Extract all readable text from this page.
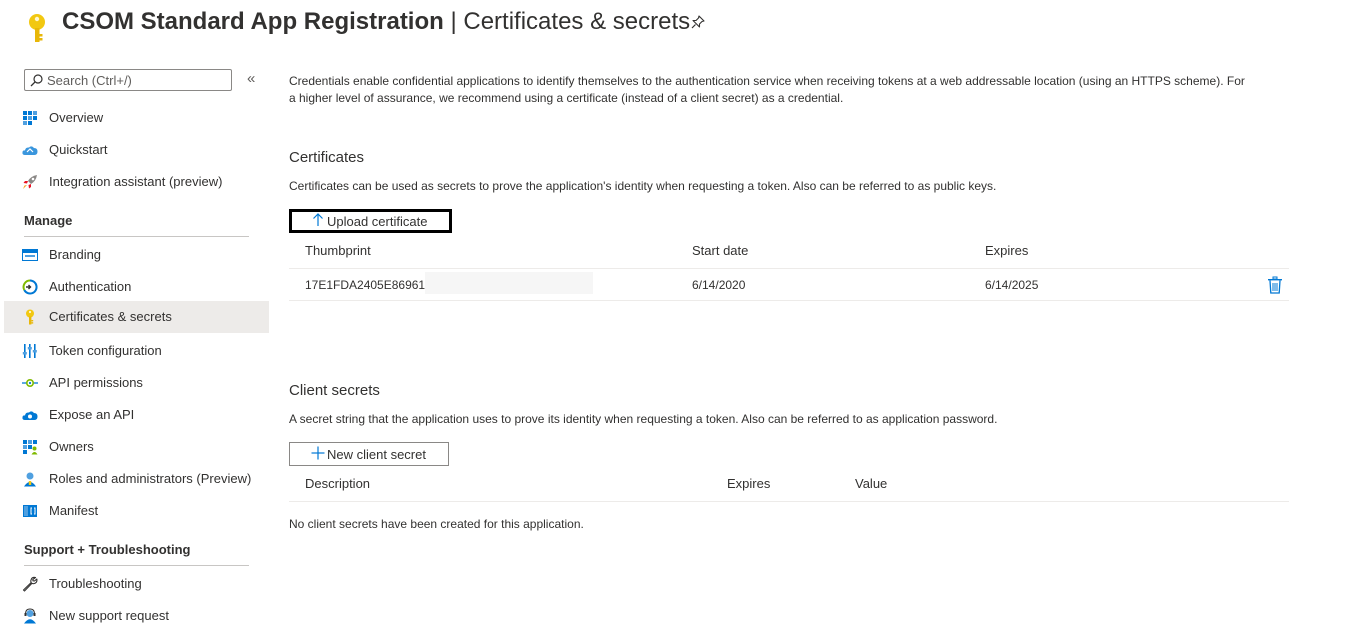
CSOM Standard App Registration | Certificates & secrets
Search (Ctrl+/)
«
Overview
Quickstart
Integration assistant (preview)
Manage
Branding
Authentication
Certificates & secrets
Token configuration
API permissions
Expose an API
Owners
Roles and administrators (Preview)
Manifest
Support + Troubleshooting
Troubleshooting
New support request
Credentials enable confidential applications to identify themselves to the authentication service when receiving tokens at a web addressable location (using an HTTPS scheme). For a higher level of assurance, we recommend using a certificate (instead of a client secret) as a credential.
Certificates
Certificates can be used as secrets to prove the application's identity when requesting a token. Also can be referred to as public keys.
Upload certificate
Thumbprint	Start date	Expires
17E1FDA2405E86961	6/14/2020	6/14/2025
Client secrets
A secret string that the application uses to prove its identity when requesting a token. Also can be referred to as application password.
New client secret
Description	Expires	Value
No client secrets have been created for this application.
